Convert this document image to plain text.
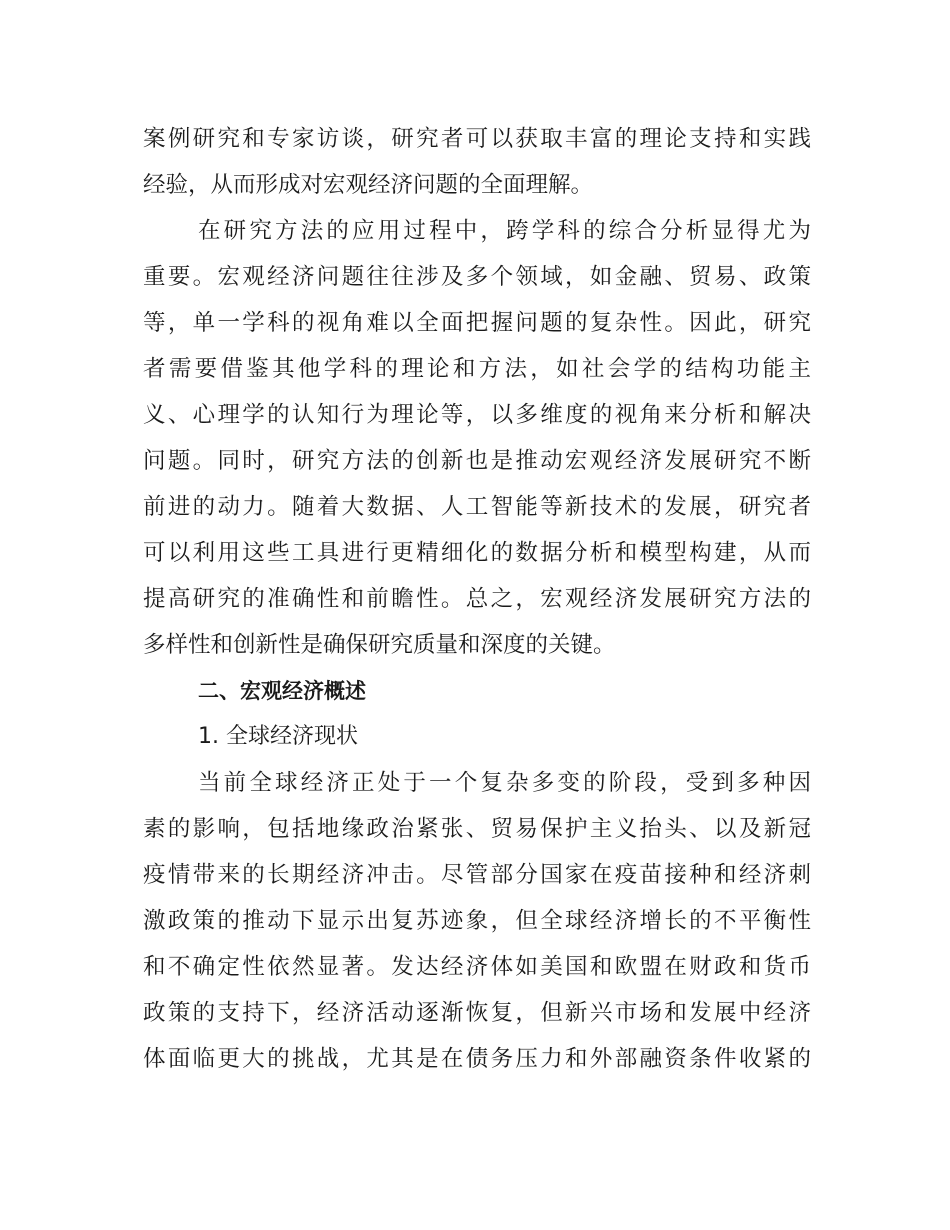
案例研究和专家访谈，研究者可以获取丰富的理论支持和实践
经验，从而形成对宏观经济问题的全面理解。
在研究方法的应用过程中，跨学科的综合分析显得尤为
重要。宏观经济问题往往涉及多个领域，如金融、贸易、政策
等，单一学科的视角难以全面把握问题的复杂性。因此，研究
者需要借鉴其他学科的理论和方法，如社会学的结构功能主
义、心理学的认知行为理论等，以多维度的视角来分析和解决
问题。同时，研究方法的创新也是推动宏观经济发展研究不断
前进的动力。随着大数据、人工智能等新技术的发展，研究者
可以利用这些工具进行更精细化的数据分析和模型构建，从而
提高研究的准确性和前瞻性。总之，宏观经济发展研究方法的
多样性和创新性是确保研究质量和深度的关键。
二、宏观经济概述
1. 全球经济现状
当前全球经济正处于一个复杂多变的阶段，受到多种因
素的影响，包括地缘政治紧张、贸易保护主义抬头、以及新冠
疫情带来的长期经济冲击。尽管部分国家在疫苗接种和经济刺
激政策的推动下显示出复苏迹象，但全球经济增长的不平衡性
和不确定性依然显著。发达经济体如美国和欧盟在财政和货币
政策的支持下，经济活动逐渐恢复，但新兴市场和发展中经济
体面临更大的挑战，尤其是在债务压力和外部融资条件收紧的
